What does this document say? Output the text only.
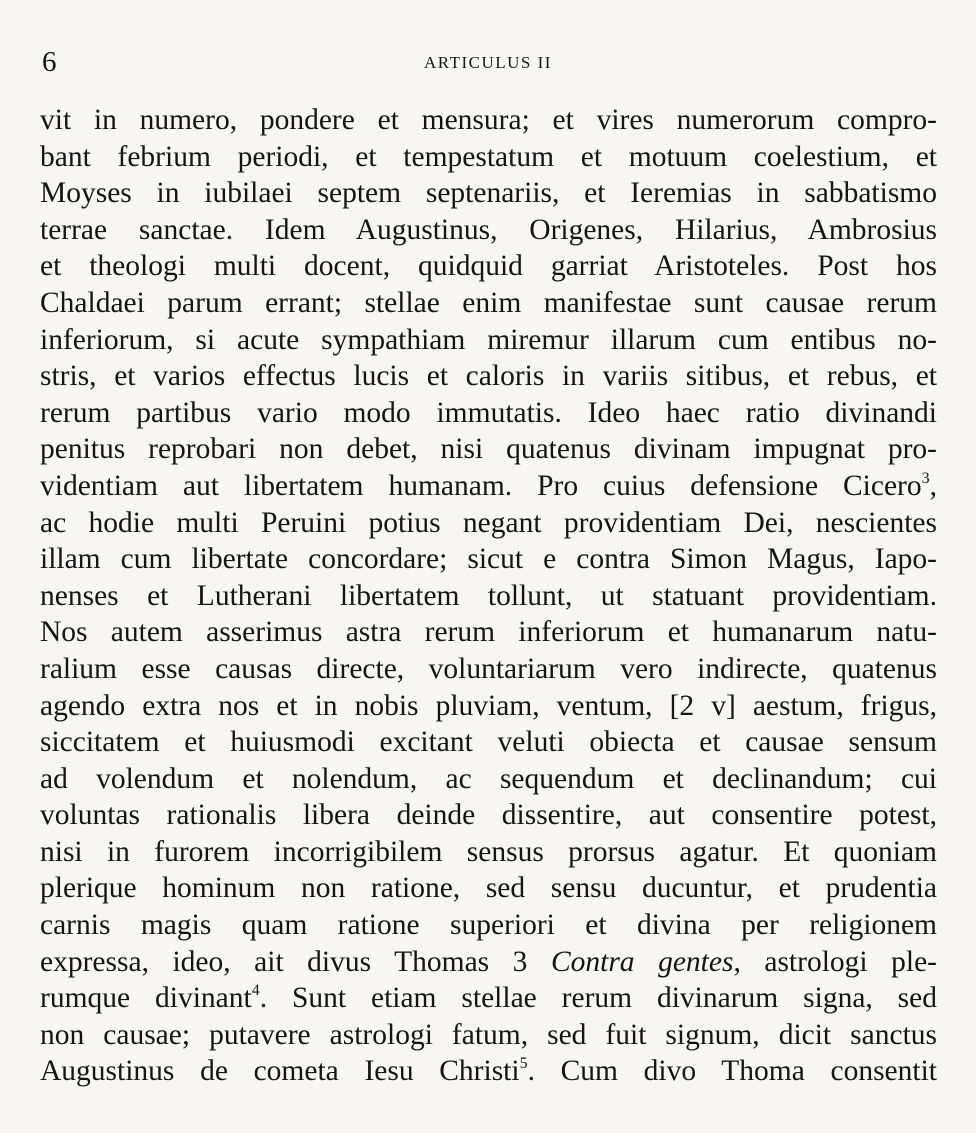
6	ARTICULUS II
vit in numero, pondere et mensura; et vires numerorum compro-
bant febrium periodi, et tempestatum et motuum coelestium, et
Moyses in iubilaei septem septenariis, et Ieremias in sabbatismo
terrae sanctae. Idem Augustinus, Origenes, Hilarius, Ambrosius
et theologi multi docent, quidquid garriat Aristoteles. Post hos
Chaldaei parum errant; stellae enim manifestae sunt causae rerum
inferiorum, si acute sympathiam miremur illarum cum entibus no-
stris, et varios effectus lucis et caloris in variis sitibus, et rebus, et
rerum partibus vario modo immutatis. Ideo haec ratio divinandi
penitus reprobari non debet, nisi quatenus divinam impugnat pro-
videntiam aut libertatem humanam. Pro cuius defensione Cicero$^3$,
ac hodie multi Peruini potius negant providentiam Dei, nescientes
illam cum libertate concordare; sicut e contra Simon Magus, Iapo-
nenses et Lutherani libertatem tollunt, ut statuant providentiam.
Nos autem asserimus astra rerum inferiorum et humanarum natu-
ralium esse causas directe, voluntariarum vero indirecte, quatenus
agendo extra nos et in nobis pluviam, ventum, [2 v] aestum, frigus,
siccitatem et huiusmodi excitant veluti obiecta et causae sensum
ad volendum et nolendum, ac sequendum et declinandum; cui
voluntas rationalis libera deinde dissentire, aut consentire potest,
nisi in furorem incorrigibilem sensus prorsus agatur. Et quoniam
plerique hominum non ratione, sed sensu ducuntur, et prudentia
carnis magis quam ratione superiori et divina per religionem
expressa, ideo, ait divus Thomas 3 Contra gentes, astrologi ple-
rumque divinant$^4$. Sunt etiam stellae rerum divinarum signa, sed
non causae; putavere astrologi fatum, sed fuit signum, dicit sanctus
Augustinus de cometa Iesu Christi$^5$. Cum divo Thoma consentit
